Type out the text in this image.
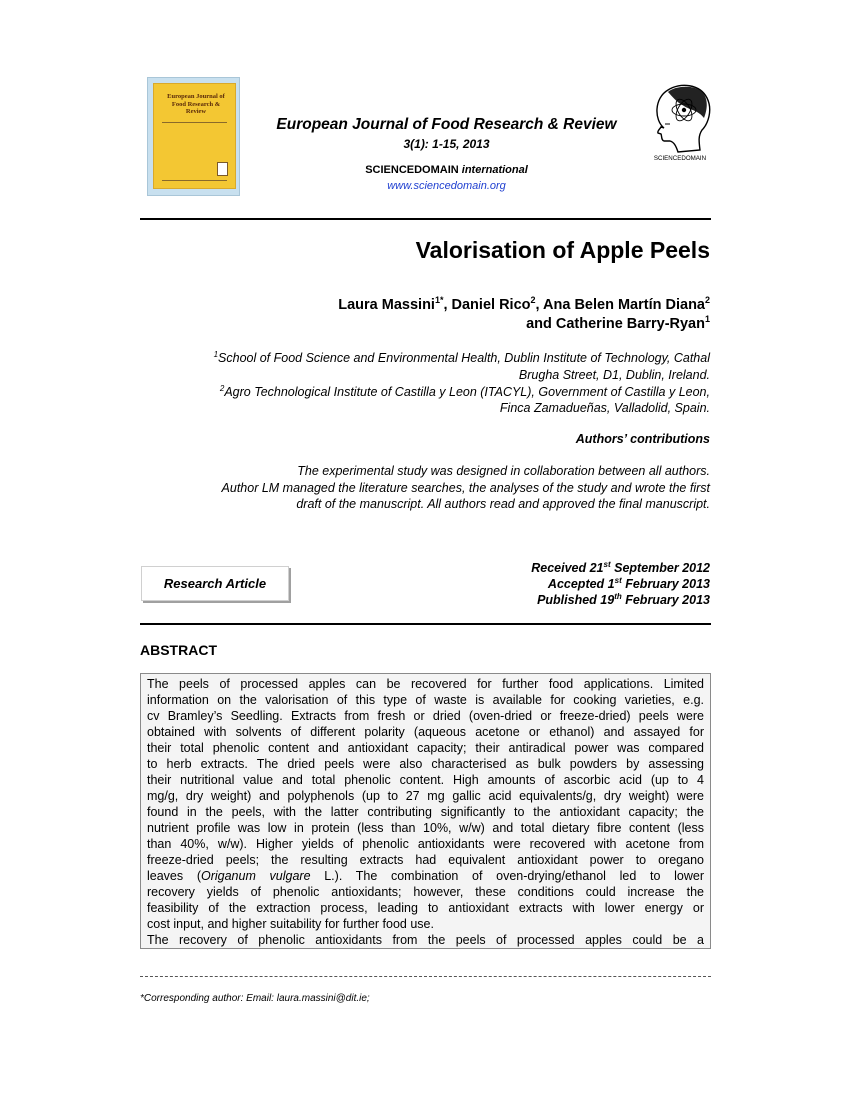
European Journal of
Food Research &
Review
European Journal of Food Research & Review
3(1): 1-15, 2013
SCIENCEDOMAIN international
www.sciencedomain.org
SCIENCEDOMAIN
Valorisation of Apple Peels
Laura Massini$^{1*}$, Daniel Rico$^2$, Ana Belen Martín Diana$^2$
and Catherine Barry-Ryan$^1$
$^1$School of Food Science and Environmental Health, Dublin Institute of Technology, Cathal
Brugha Street, D1, Dublin, Ireland.
$^2$Agro Technological Institute of Castilla y Leon (ITACYL), Government of Castilla y Leon,
Finca Zamadueñas, Valladolid, Spain.
Authors’ contributions
The experimental study was designed in collaboration between all authors.
Author LM managed the literature searches, the analyses of the study and wrote the first
draft of the manuscript. All authors read and approved the final manuscript.
Research Article
Received 21st September 2012
Accepted 1st February 2013
Published 19th February 2013
ABSTRACT
The peels of processed apples can be recovered for further food applications. Limited
information on the valorisation of this type of waste is available for cooking varieties, e.g.
cv Bramley’s Seedling. Extracts from fresh or dried (oven-dried or freeze-dried) peels were
obtained with solvents of different polarity (aqueous acetone or ethanol) and assayed for
their total phenolic content and antioxidant capacity; their antiradical power was compared
to herb extracts. The dried peels were also characterised as bulk powders by assessing
their nutritional value and total phenolic content. High amounts of ascorbic acid (up to 4
mg/g, dry weight) and polyphenols (up to 27 mg gallic acid equivalents/g, dry weight) were
found in the peels, with the latter contributing significantly to the antioxidant capacity; the
nutrient profile was low in protein (less than 10%, w/w) and total dietary fibre content (less
than 40%, w/w). Higher yields of phenolic antioxidants were recovered with acetone from
freeze-dried peels; the resulting extracts had equivalent antioxidant power to oregano
leaves (Origanum vulgare L.). The combination of oven-drying/ethanol led to lower
recovery yields of phenolic antioxidants; however, these conditions could increase the
feasibility of the extraction process, leading to antioxidant extracts with lower energy or
cost input, and higher suitability for further food use.
The recovery of phenolic antioxidants from the peels of processed apples could be a
*Corresponding author: Email: laura.massini@dit.ie;
